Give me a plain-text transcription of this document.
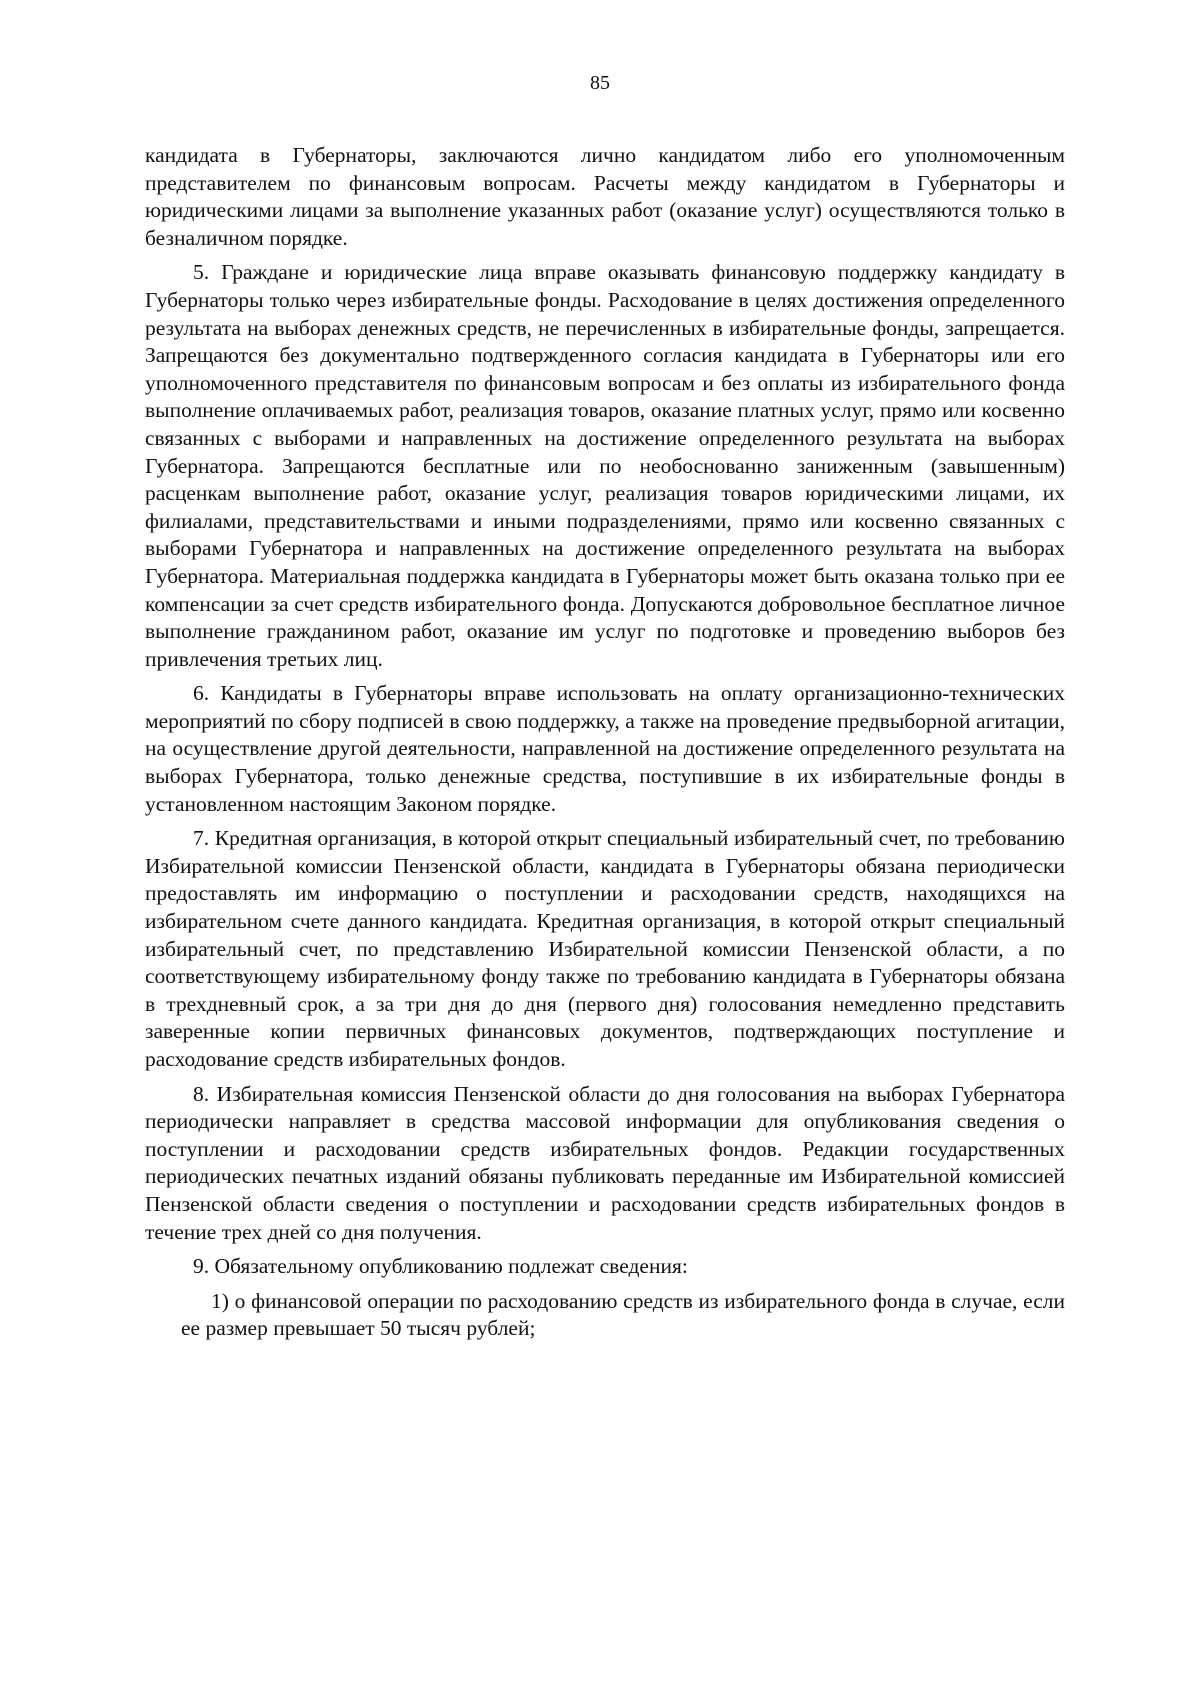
85

кандидата в Губернаторы, заключаются лично кандидатом либо его уполномоченным представителем по финансовым вопросам. Расчеты между кандидатом в Губернаторы и юридическими лицами за выполнение указанных работ (оказание услуг) осуществляются только в безналичном порядке.

5. Граждане и юридические лица вправе оказывать финансовую поддержку кандидату в Губернаторы только через избирательные фонды. Расходование в целях достижения определенного результата на выборах денежных средств, не перечисленных в избирательные фонды, запрещается. Запрещаются без документально подтвержденного согласия кандидата в Губернаторы или его уполномоченного представителя по финансовым вопросам и без оплаты из избирательного фонда выполнение оплачиваемых работ, реализация товаров, оказание платных услуг, прямо или косвенно связанных с выборами и направленных на достижение определенного результата на выборах Губернатора. Запрещаются бесплатные или по необоснованно заниженным (завышенным) расценкам выполнение работ, оказание услуг, реализация товаров юридическими лицами, их филиалами, представительствами и иными подразделениями, прямо или косвенно связанных с выборами Губернатора и направленных на достижение определенного результата на выборах Губернатора. Материальная поддержка кандидата в Губернаторы может быть оказана только при ее компенсации за счет средств избирательного фонда. Допускаются добровольное бесплатное личное выполнение гражданином работ, оказание им услуг по подготовке и проведению выборов без привлечения третьих лиц.

6. Кандидаты в Губернаторы вправе использовать на оплату организационно-технических мероприятий по сбору подписей в свою поддержку, а также на проведение предвыборной агитации, на осуществление другой деятельности, направленной на достижение определенного результата на выборах Губернатора, только денежные средства, поступившие в их избирательные фонды в установленном настоящим Законом порядке.

7. Кредитная организация, в которой открыт специальный избирательный счет, по требованию Избирательной комиссии Пензенской области, кандидата в Губернаторы обязана периодически предоставлять им информацию о поступлении и расходовании средств, находящихся на избирательном счете данного кандидата. Кредитная организация, в которой открыт специальный избирательный счет, по представлению Избирательной комиссии Пензенской области, а по соответствующему избирательному фонду также по требованию кандидата в Губернаторы обязана в трехдневный срок, а за три дня до дня (первого дня) голосования немедленно представить заверенные копии первичных финансовых документов, подтверждающих поступление и расходование средств избирательных фондов.

8. Избирательная комиссия Пензенской области до дня голосования на выборах Губернатора периодически направляет в средства массовой информации для опубликования сведения о поступлении и расходовании средств избирательных фондов. Редакции государственных периодических печатных изданий обязаны публиковать переданные им Избирательной комиссией Пензенской области сведения о поступлении и расходовании средств избирательных фондов в течение трех дней со дня получения.

9. Обязательному опубликованию подлежат сведения:

1) о финансовой операции по расходованию средств из избирательного фонда в случае, если ее размер превышает 50 тысяч рублей;
